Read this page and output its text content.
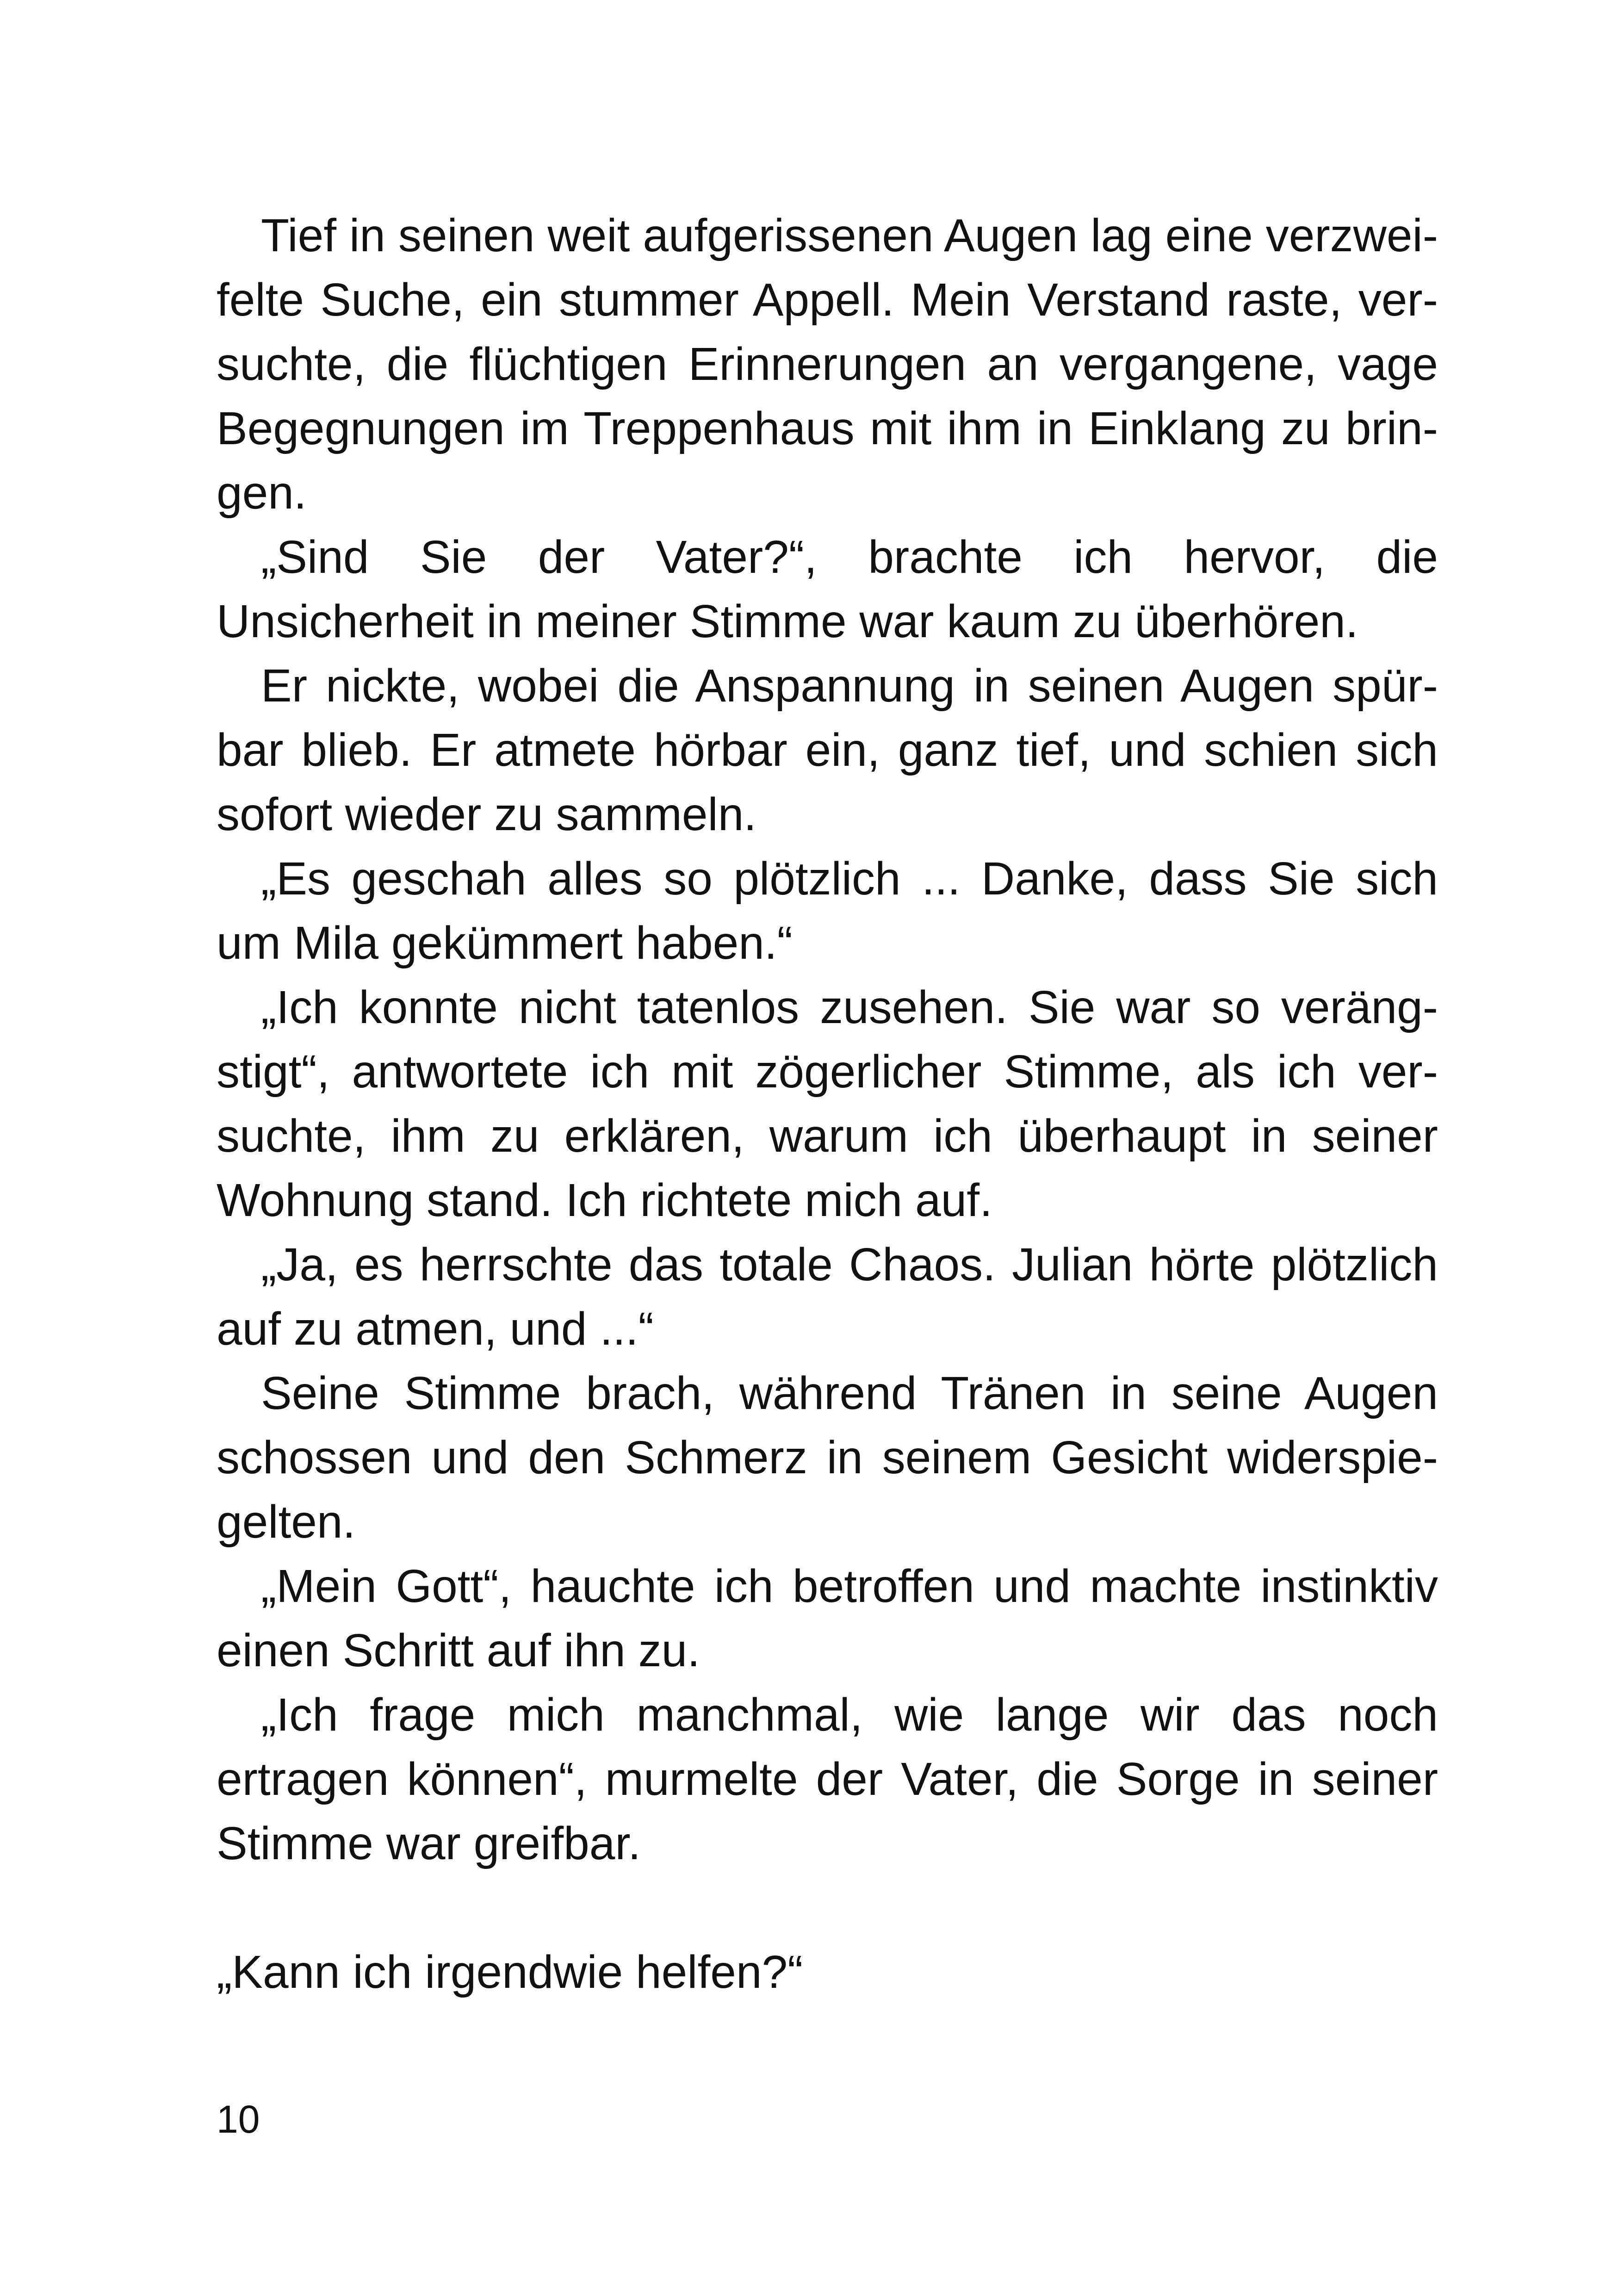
Tief in seinen weit aufgerissenen Augen lag eine verzweifelte Suche, ein stummer Appell. Mein Verstand raste, versuchte, die flüchtigen Erinnerungen an vergangene, vage Begegnungen im Treppenhaus mit ihm in Einklang zu bringen.

„Sind Sie der Vater?“, brachte ich hervor, die Unsicherheit in meiner Stimme war kaum zu überhören.

Er nickte, wobei die Anspannung in seinen Augen spürbar blieb. Er atmete hörbar ein, ganz tief, und schien sich sofort wieder zu sammeln.

„Es geschah alles so plötzlich ... Danke, dass Sie sich um Mila gekümmert haben.“

„Ich konnte nicht tatenlos zusehen. Sie war so verängstigt“, antwortete ich mit zögerlicher Stimme, als ich versuchte, ihm zu erklären, warum ich überhaupt in seiner Wohnung stand. Ich richtete mich auf.

„Ja, es herrschte das totale Chaos. Julian hörte plötzlich auf zu atmen, und ...“

Seine Stimme brach, während Tränen in seine Augen schossen und den Schmerz in seinem Gesicht widerspiegelten.

„Mein Gott“, hauchte ich betroffen und machte instinktiv einen Schritt auf ihn zu.

„Ich frage mich manchmal, wie lange wir das noch ertragen können“, murmelte der Vater, die Sorge in seiner Stimme war greifbar.

„Kann ich irgendwie helfen?“

10
